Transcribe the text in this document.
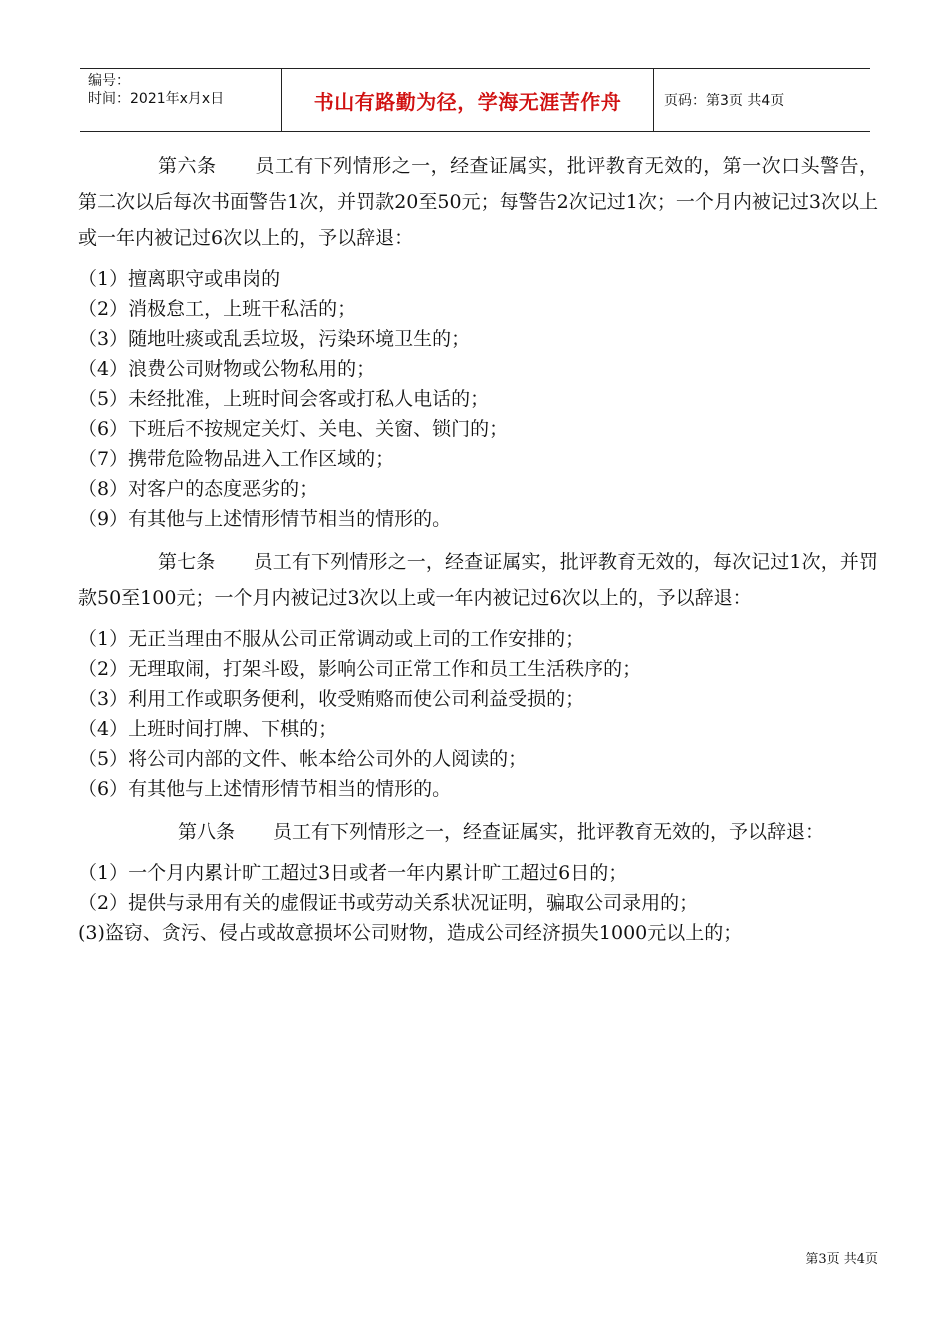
编号：
时间：2021年x月x日	书山有路勤为径，学海无涯苦作舟	页码：第3页 共4页

第六条　　员工有下列情形之一，经查证属实，批评教育无效的，第一次口头警告，第二次以后每次书面警告1次，并罚款20至50元；每警告2次记过1次；一个月内被记过3次以上或一年内被记过6次以上的，予以辞退：

（1）擅离职守或串岗的
（2）消极怠工，上班干私活的；
（3）随地吐痰或乱丢垃圾，污染环境卫生的；
（4）浪费公司财物或公物私用的；
（5）未经批准，上班时间会客或打私人电话的；
（6）下班后不按规定关灯、关电、关窗、锁门的；
（7）携带危险物品进入工作区域的；
（8）对客户的态度恶劣的；
（9）有其他与上述情形情节相当的情形的。

第七条　　员工有下列情形之一，经查证属实，批评教育无效的，每次记过1次，并罚款50至100元；一个月内被记过3次以上或一年内被记过6次以上的，予以辞退：

（1）无正当理由不服从公司正常调动或上司的工作安排的；
（2）无理取闹，打架斗殴，影响公司正常工作和员工生活秩序的；
（3）利用工作或职务便利，收受贿赂而使公司利益受损的；
（4）上班时间打牌、下棋的；
（5）将公司内部的文件、帐本给公司外的人阅读的；
（6）有其他与上述情形情节相当的情形的。

第八条　　员工有下列情形之一，经查证属实，批评教育无效的，予以辞退：

（1）一个月内累计旷工超过3日或者一年内累计旷工超过6日的；
（2）提供与录用有关的虚假证书或劳动关系状况证明，骗取公司录用的；
(3)盗窃、贪污、侵占或故意损坏公司财物，造成公司经济损失1000元以上的；
第3页 共4页
